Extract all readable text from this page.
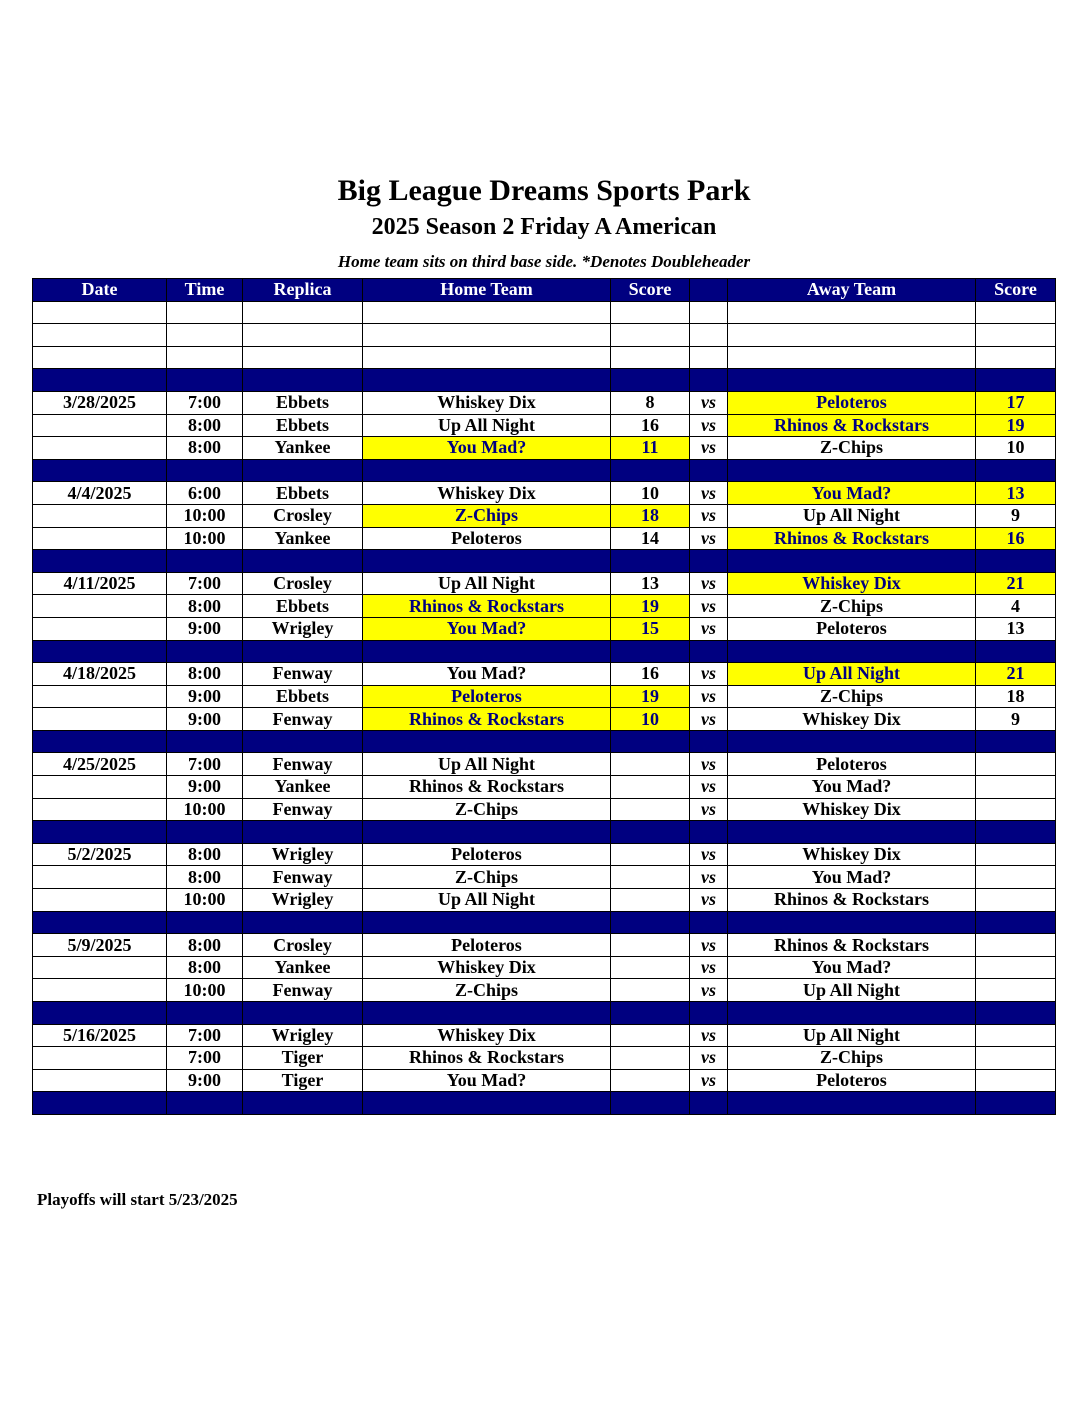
Big League Dreams Sports Park
2025 Season 2 Friday A American
Home team sits on third base side. *Denotes Doubleheader
Date	Time	Replica	Home Team	Score		Away Team	Score

3/28/2025	7:00	Ebbets	Whiskey Dix	8	vs	Peloteros	17
	8:00	Ebbets	Up All Night	16	vs	Rhinos & Rockstars	19
	8:00	Yankee	You Mad?	11	vs	Z-Chips	10

4/4/2025	6:00	Ebbets	Whiskey Dix	10	vs	You Mad?	13
	10:00	Crosley	Z-Chips	18	vs	Up All Night	9
	10:00	Yankee	Peloteros	14	vs	Rhinos & Rockstars	16

4/11/2025	7:00	Crosley	Up All Night	13	vs	Whiskey Dix	21
	8:00	Ebbets	Rhinos & Rockstars	19	vs	Z-Chips	4
	9:00	Wrigley	You Mad?	15	vs	Peloteros	13

4/18/2025	8:00	Fenway	You Mad?	16	vs	Up All Night	21
	9:00	Ebbets	Peloteros	19	vs	Z-Chips	18
	9:00	Fenway	Rhinos & Rockstars	10	vs	Whiskey Dix	9

4/25/2025	7:00	Fenway	Up All Night		vs	Peloteros	
	9:00	Yankee	Rhinos & Rockstars		vs	You Mad?	
	10:00	Fenway	Z-Chips		vs	Whiskey Dix	

5/2/2025	8:00	Wrigley	Peloteros		vs	Whiskey Dix	
	8:00	Fenway	Z-Chips		vs	You Mad?	
	10:00	Wrigley	Up All Night		vs	Rhinos & Rockstars	

5/9/2025	8:00	Crosley	Peloteros		vs	Rhinos & Rockstars	
	8:00	Yankee	Whiskey Dix		vs	You Mad?	
	10:00	Fenway	Z-Chips		vs	Up All Night	

5/16/2025	7:00	Wrigley	Whiskey Dix		vs	Up All Night	
	7:00	Tiger	Rhinos & Rockstars		vs	Z-Chips	
	9:00	Tiger	You Mad?		vs	Peloteros	

Playoffs will start 5/23/2025
